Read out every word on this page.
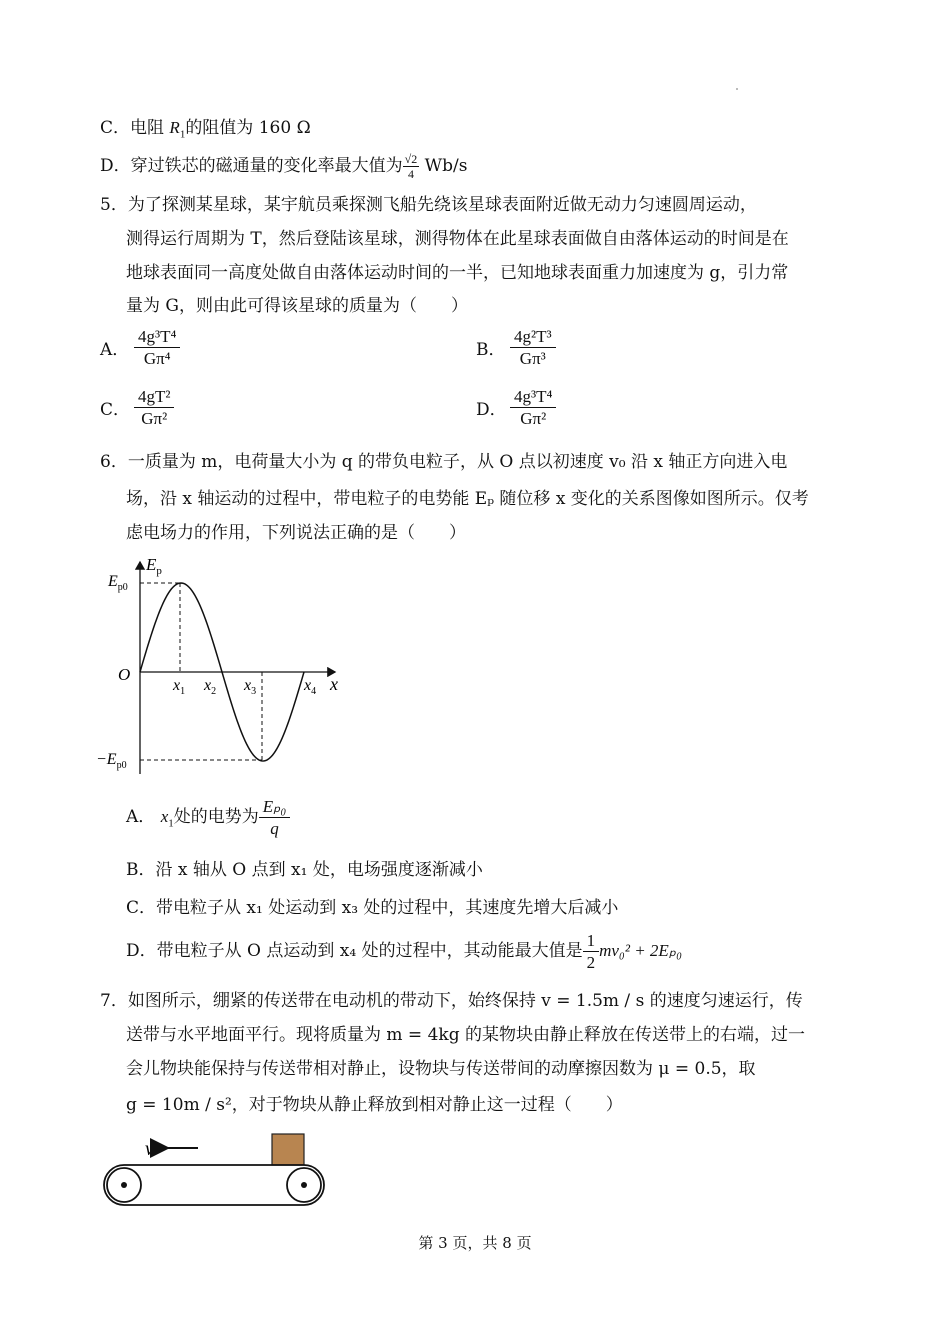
C．电阻 $R_1$的阻值为 160 Ω
D．穿过铁芯的磁通量的变化率最大值为 $\frac{√2}{4} Wb/s$
5．为了探测某星球，某宇航员乘探测飞船先绕该星球表面附近做无动力匀速圆周运动，
测得运行周期为 T，然后登陆该星球，测得物体在此星球表面做自由落体运动的时间是在
地球表面同一高度处做自由落体运动时间的一半，已知地球表面重力加速度为 g，引力常
量为 G，则由此可得该星球的质量为（　　）
A． $\frac{\text{4g³T⁴}}{\text{Gπ⁴}}$	B． $\frac{\text{4g²T³}}{\text{Gπ³}}$
C． $\frac{\text{4gT²}}{\text{Gπ²}}$	D． $\frac{\text{4g³T⁴}}{\text{Gπ²}}$
6．一质量为 m，电荷量大小为 q 的带负电粒子，从 O 点以初速度 v₀ 沿 x 轴正方向进入电
场，沿 x 轴运动的过程中，带电粒子的电势能 Eₚ 随位移 x 变化的关系图像如图所示。仅考
虑电场力的作用，下列说法正确的是（　　）
$E_p$
$E_{p0}$
$-E_{p0}$
O	x
$x_1$ $x_2$ $x_3$	$x_4$
A． $x_1$处的电势为 $\frac{\text{Eₚ₀}}{q}$
B．沿 x 轴从 O 点到 x₁ 处，电场强度逐渐减小
C．带电粒子从 x₁ 处运动到 x₃ 处的过程中，其速度先增大后减小
D．带电粒子从 O 点运动到 x₄ 处的过程中，其动能最大值是 $\frac{1}{2} mv_0^2 + 2E_{p0}$
7．如图所示，绷紧的传送带在电动机的带动下，始终保持 v = 1.5m / s 的速度匀速运行，传
送带与水平地面平行。现将质量为 m = 4kg 的某物块由静止释放在传送带上的右端，过一
会儿物块能保持与传送带相对静止，设物块与传送带间的动摩擦因数为 μ = 0.5，取
g = 10m / s²，对于物块从静止释放到相对静止这一过程（　　）
v
第 3 页，共 8 页
